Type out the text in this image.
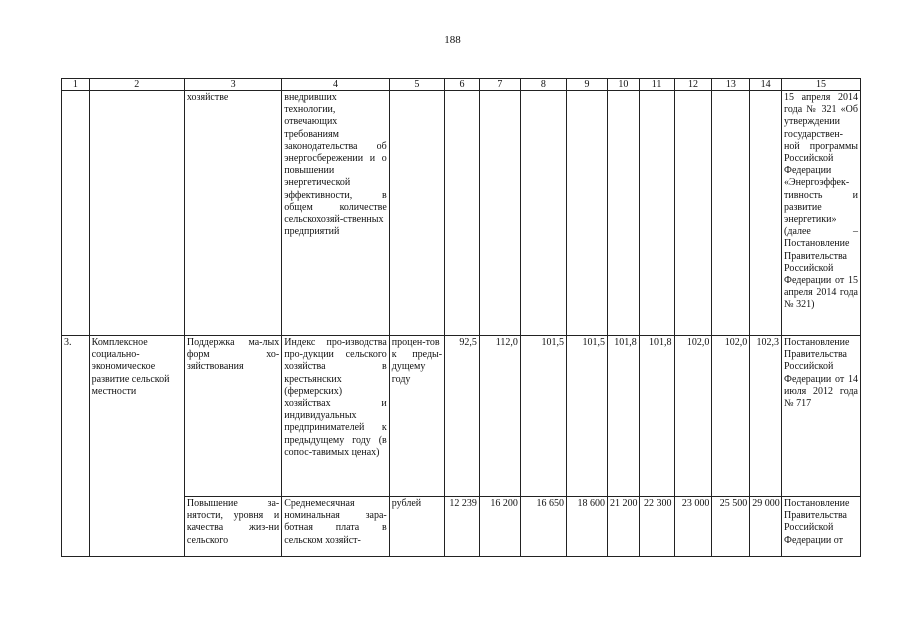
188
1	2	3	4	5	6	7	8	9	10	11	12	13	14	15
		хозяйстве	внедривших технологии, отвечающих требованиям законодательства об энергосбережении и о повышении энергетической эффективности, в общем количестве сельскохозяй-ственных предприятий											15 апреля 2014 года № 321 «Об утверждении государствен-ной программы Российской Федерации «Энергоэффек-тивность и развитие энергетики» (далее – Постановление Правительства Российской Федерации от 15 апреля 2014 года № 321)
3.	Комплексное социально-экономическое развитие сельской местности	Поддержка ма-лых форм хо-зяйствования	Индекс про-изводства про-дукции сельского хозяйства в крестьянских (фермерских) хозяйствах и индивидуальных предпринимателей к предыдущему году (в сопос-тавимых ценах)	процен-тов к преды-дущему году	92,5	112,0	101,5	101,5	101,8	101,8	102,0	102,0	102,3	Постановление Правительства Российской Федерации от 14 июля 2012 года № 717
		Повышение за-нятости, уровня и качества жиз-ни сельского	Среднемесячная номинальная зара-ботная плата в сельском хозяйст-	рублей	12 239	16 200	16 650	18 600	21 200	22 300	23 000	25 500	29 000	Постановление Правительства Российской Федерации от
